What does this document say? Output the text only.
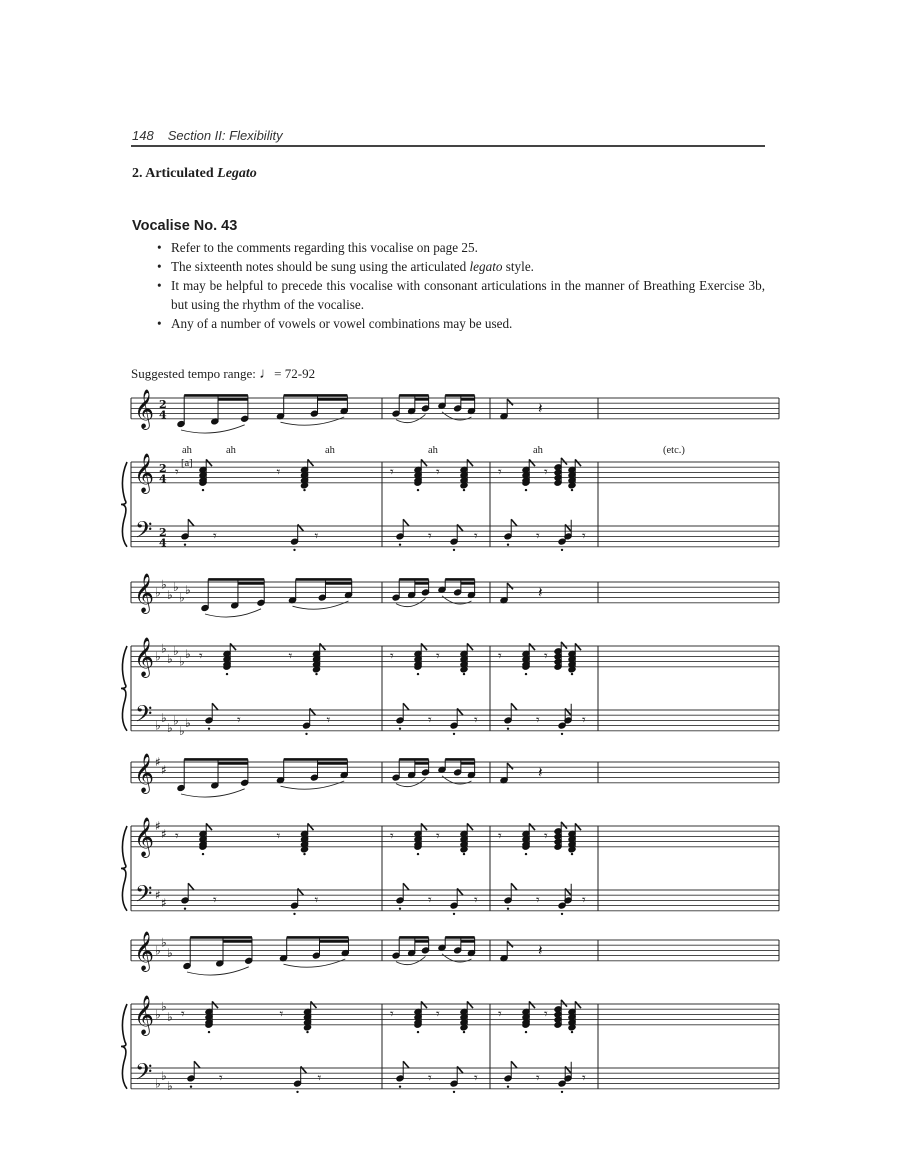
148 Section II: Flexibility
2. Articulated Legato
Vocalise No. 43
• Refer to the comments regarding this vocalise on page 25.
• The sixteenth notes should be sung using the articulated legato style.
• It may be helpful to precede this vocalise with consonant articulations in the manner of Breathing Exercise 3b, but using the rhythm of the vocalise.
• Any of a number of vowels or vowel combinations may be used.
Suggested tempo range: ♩= 72-92
𝄞
𝄞
𝄢
2
4
2
4
2
4
𝄽
𝄾	𝄾	𝄾	𝄾	𝄾	𝄾
𝄾	𝄾	𝄾	𝄾	𝄾	𝄾
𝄞
𝄞
𝄢
♭
♭
♭
♭
♭
♭
♭
♭
♭
♭
♭
♭
♭
♭
♭
♭
♭
♭
𝄽
𝄾	𝄾	𝄾	𝄾	𝄾	𝄾
𝄾	𝄾	𝄾	𝄾	𝄾	𝄾
𝄞
𝄞
𝄢
♯
♯
♯
♯
♯
♯
𝄽
𝄾	𝄾	𝄾	𝄾	𝄾	𝄾
𝄾	𝄾	𝄾	𝄾	𝄾	𝄾
𝄞
𝄞
𝄢
♭
♭
♭
♭
♭
♭
♭
♭
♭
𝄽
𝄾	𝄾	𝄾	𝄾	𝄾	𝄾
𝄾	𝄾	𝄾	𝄾	𝄾	𝄾
ah	ah	ah	ah	ah	(etc.)
[a]
